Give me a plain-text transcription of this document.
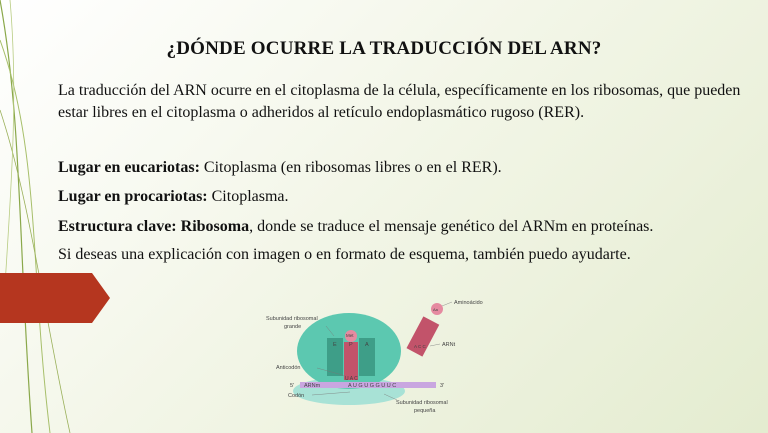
¿DÓNDE OCURRE LA TRADUCCIÓN DEL ARN?
La traducción del ARN ocurre en el citoplasma de la célula, específicamente en los ribosomas, que pueden estar libres en el citoplasma o adheridos al retículo endoplasmático rugoso (RER).
Lugar en eucariotas: Citoplasma (en ribosomas libres o en el RER).
Lugar en procariotas: Citoplasma.
Estructura clave: Ribosoma, donde se traduce el mensaje genético del ARNm en proteínas.
Si deseas una explicación con imagen o en formato de esquema, también puedo ayudarte.
Aminoácido
Aa
Subunidad ribosomal
grande
Met
E P A	ARNt
A C C
Anticodón
U A C
5' ARNm	A U G U G G U U C	3'
Codón
Subunidad ribosomal
pequeña
